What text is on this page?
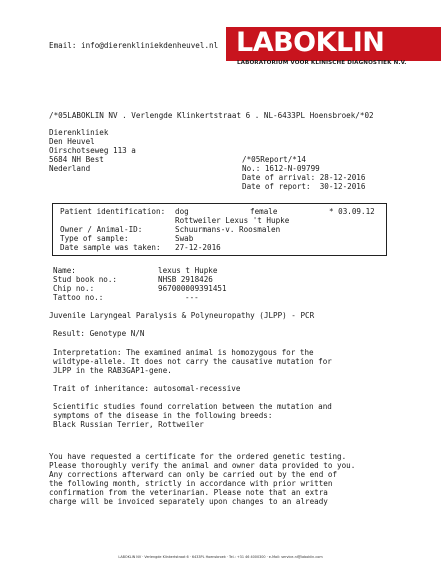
Email: info@dierenkliniekdenheuvel.nl LABOKLIN
LABORATORIUM VOOR KLINISCHE DIAGNOSTIEK N.V.
/*05LABOKLIN NV . Verlengde Klinkertstraat 6 . NL-6433PL Hoensbroek/*02
Dierenkliniek
Den Heuvel
Oirschotseweg 113 a
5684 NH Best
Nederland
/*05Report/*14
No.: 1612-N-09799
Date of arrival: 28-12-2016
Date of report:  30-12-2016
Patient identification: dog	female	* 03.09.12
Rottweiler Lexus 't Hupke
Owner / Animal-ID:	Schuurmans-v. Roosmalen
Type of sample:	Swab
Date sample was taken: 27-12-2016
Name:	lexus t Hupke
Stud book no.:	NHSB 2918426
Chip no.:	967000009391451
Tattoo no.:	---
Juvenile Laryngeal Paralysis & Polyneuropathy (JLPP) - PCR
Result: Genotype N/N
Interpretation: The examined animal is homozygous for the
wildtype-allele. It does not carry the causative mutation for
JLPP in the RAB3GAP1-gene.
Trait of inheritance: autosomal-recessive
Scientific studies found correlation between the mutation and
symptoms of the disease in the following breeds:
Black Russian Terrier, Rottweiler
You have requested a certificate for the ordered genetic testing.
Please thoroughly verify the animal and owner data provided to you.
Any corrections afterward can only be carried out by the end of
the following month, strictly in accordance with prior written
confirmation from the veterinarian. Please note that an extra
charge will be invoiced separately upon changes to an already
LABOKLIN NV · Verlengde Klinkertstraat 6 · 6433PL Hoensbroek · Tel.: +31 46 4000300 · e-Mail: service-nl@laboklin.com
